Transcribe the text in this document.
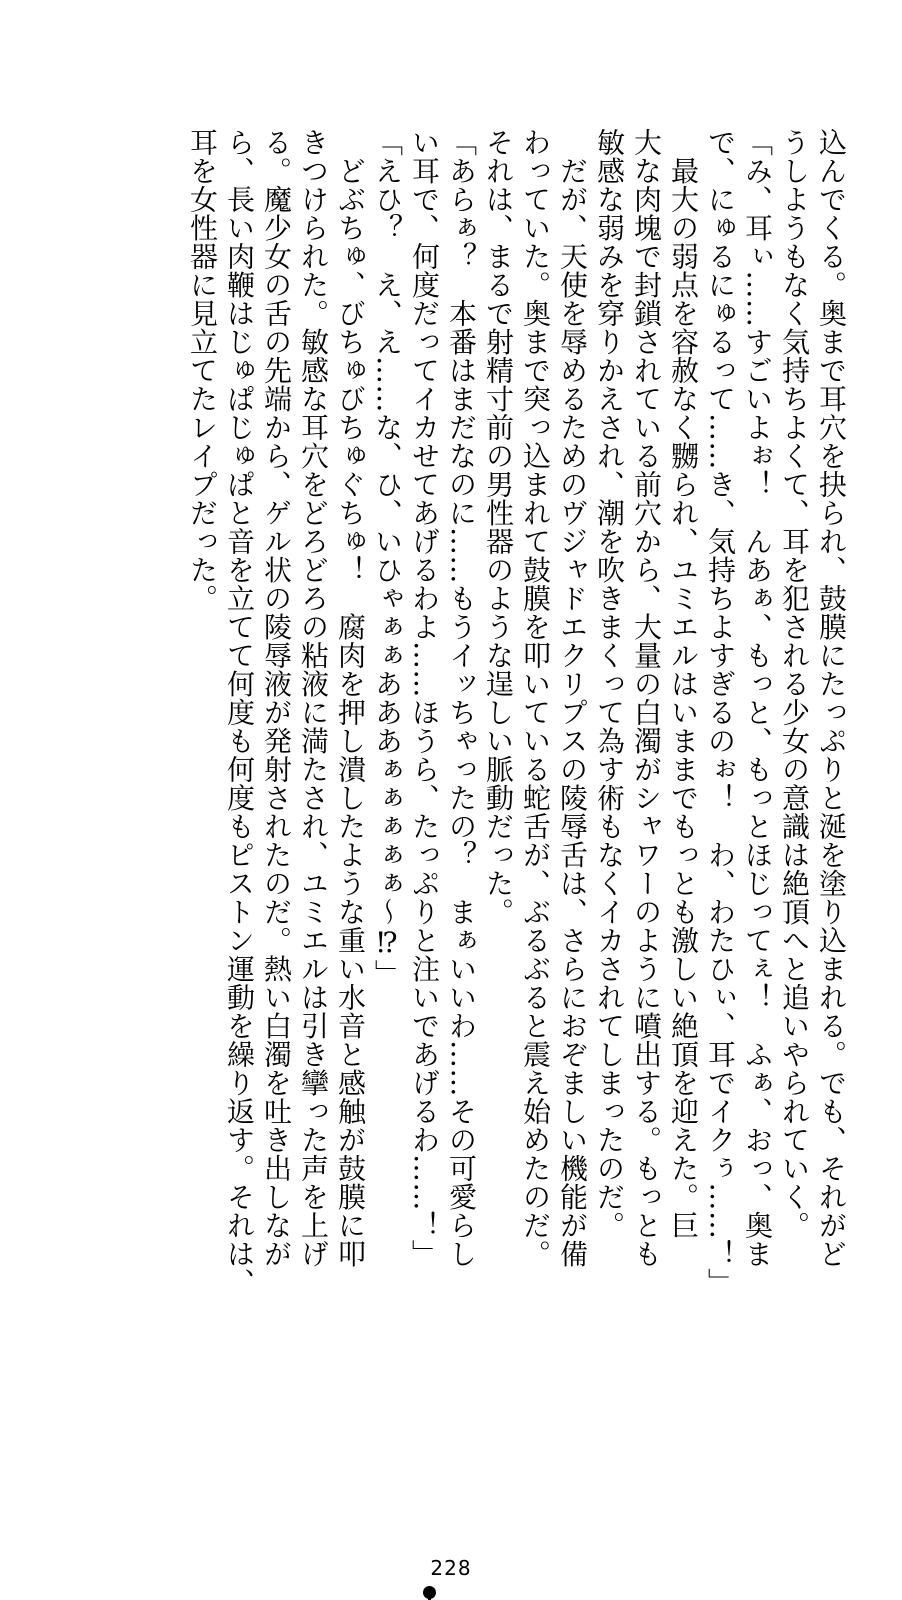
込んでくる。奥まで耳穴を抉られ、鼓膜にたっぷりと涎を塗り込まれる。でも、それがど
うしようもなく気持ちよくて、耳を犯される少女の意識は絶頂へと追いやられていく。
「み、耳ぃ……すごいよぉ！　んあぁ、もっと、もっとほじってぇ！　ふぁ、おっ、奥ま
で、にゅるにゅるって……き、気持ちよすぎるのぉ！　わ、わたひぃ、耳でイクぅ……！」
　最大の弱点を容赦なく嬲られ、ユミエルはいままでもっとも激しい絶頂を迎えた。巨
大な肉塊で封鎖されている前穴から、大量の白濁がシャワーのように噴出する。もっとも
敏感な弱みを穿りかえされ、潮を吹きまくって為す術もなくイカされてしまったのだ。
　だが、天使を辱めるためのヴジャドエクリプスの陵辱舌は、さらにおぞましい機能が備
わっていた。奥まで突っ込まれて鼓膜を叩いている蛇舌が、ぶるぶると震え始めたのだ。
それは、まるで射精寸前の男性器のような逞しい脈動だった。
「あらぁ？　本番はまだなのに……もうイッちゃったの？　まぁいいわ……その可愛らし
い耳で、何度だってイカせてあげるわよ……ほうら、たっぷりと注いであげるわ……！」
「えひ？　え、え……な、ひ、いひゃぁぁあああぁぁぁぁぁ～⁉」
　どぶちゅ、びちゅびちゅぐちゅ！　腐肉を押し潰したような重い水音と感触が鼓膜に叩
きつけられた。敏感な耳穴をどろどろの粘液に満たされ、ユミエルは引き攣った声を上げ
る。魔少女の舌の先端から、ゲル状の陵辱液が発射されたのだ。熱い白濁を吐き出しなが
ら、長い肉鞭はじゅぱじゅぱと音を立てて何度も何度もピストン運動を繰り返す。それは、
耳を女性器に見立てたレイプだった。
228
